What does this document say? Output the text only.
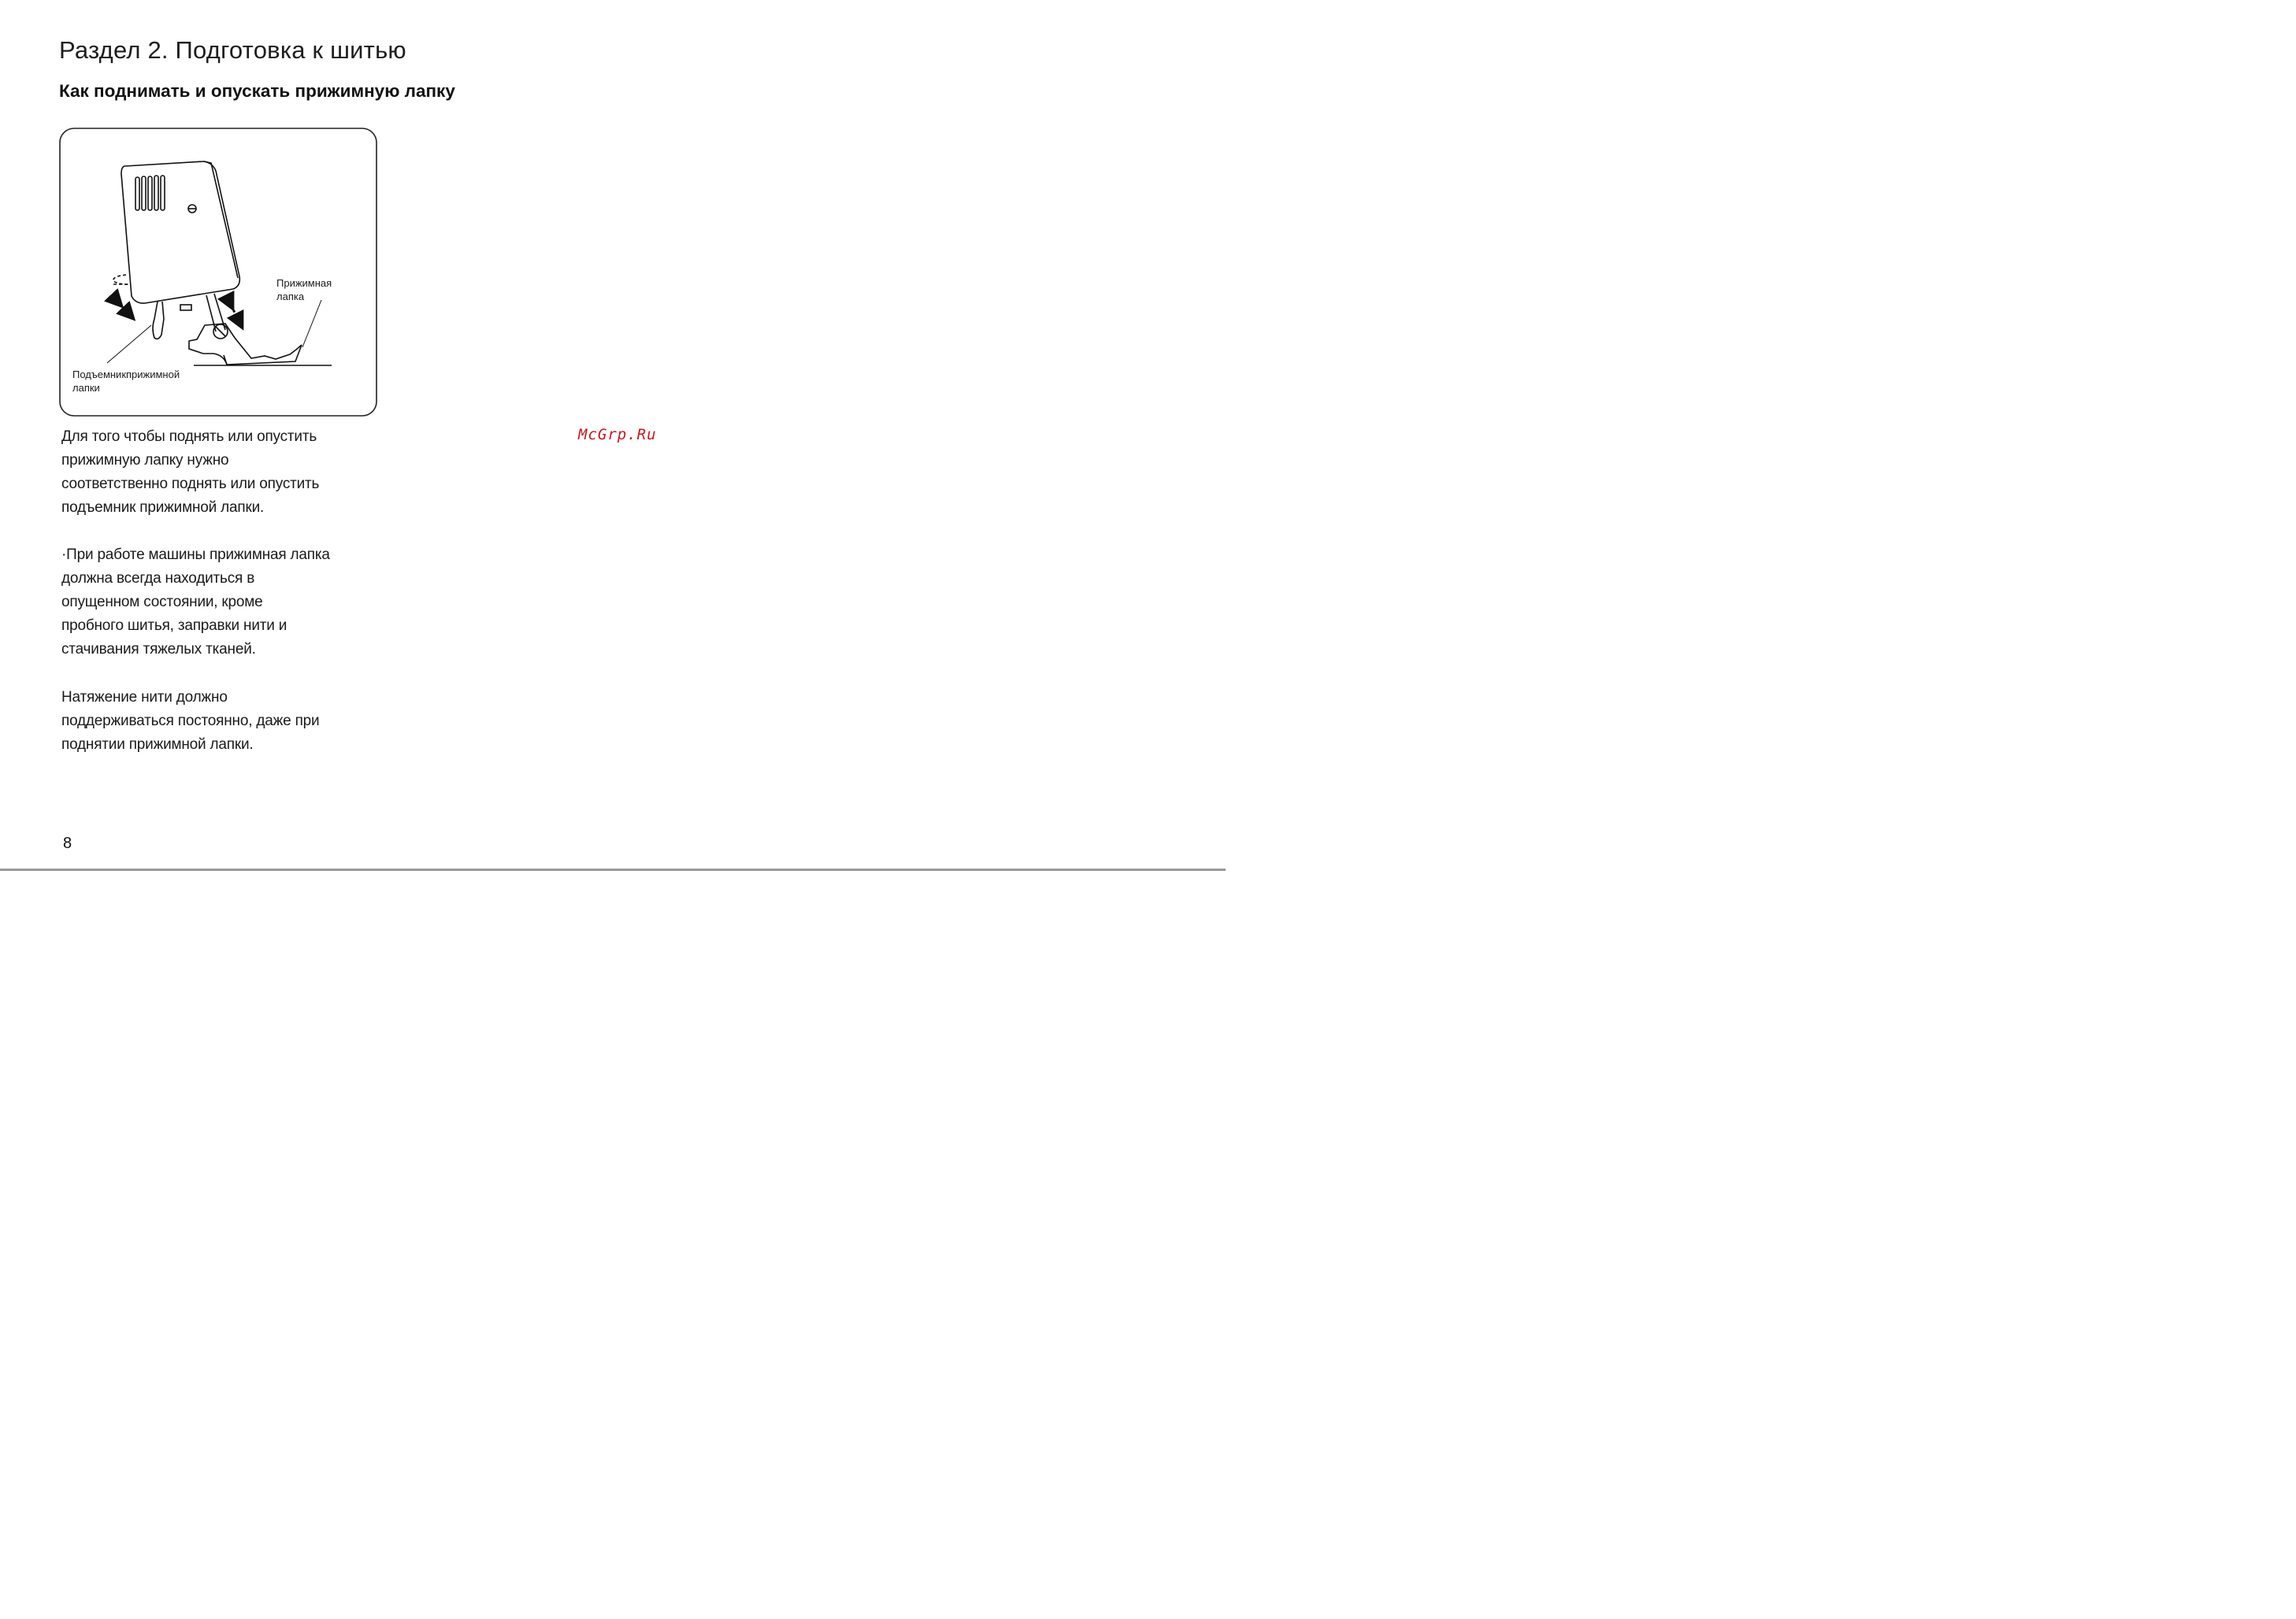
Раздел 2. Подготовка к шитью
Как поднимать и опускать прижимную лапку
Прижимная
лапка
Подъемникприжимной
лапки
Для того чтобы поднять или опустить
прижимную лапку нужно
соответственно поднять или опустить
подъемник прижимной лапки.
·При работе машины прижимная лапка
должна всегда находиться в
опущенном состоянии, кроме
пробного шитья, заправки нити и
стачивания тяжелых тканей.
Натяжение нити должно
поддерживаться постоянно, даже при
поднятии прижимной лапки.
McGrp.Ru
8
